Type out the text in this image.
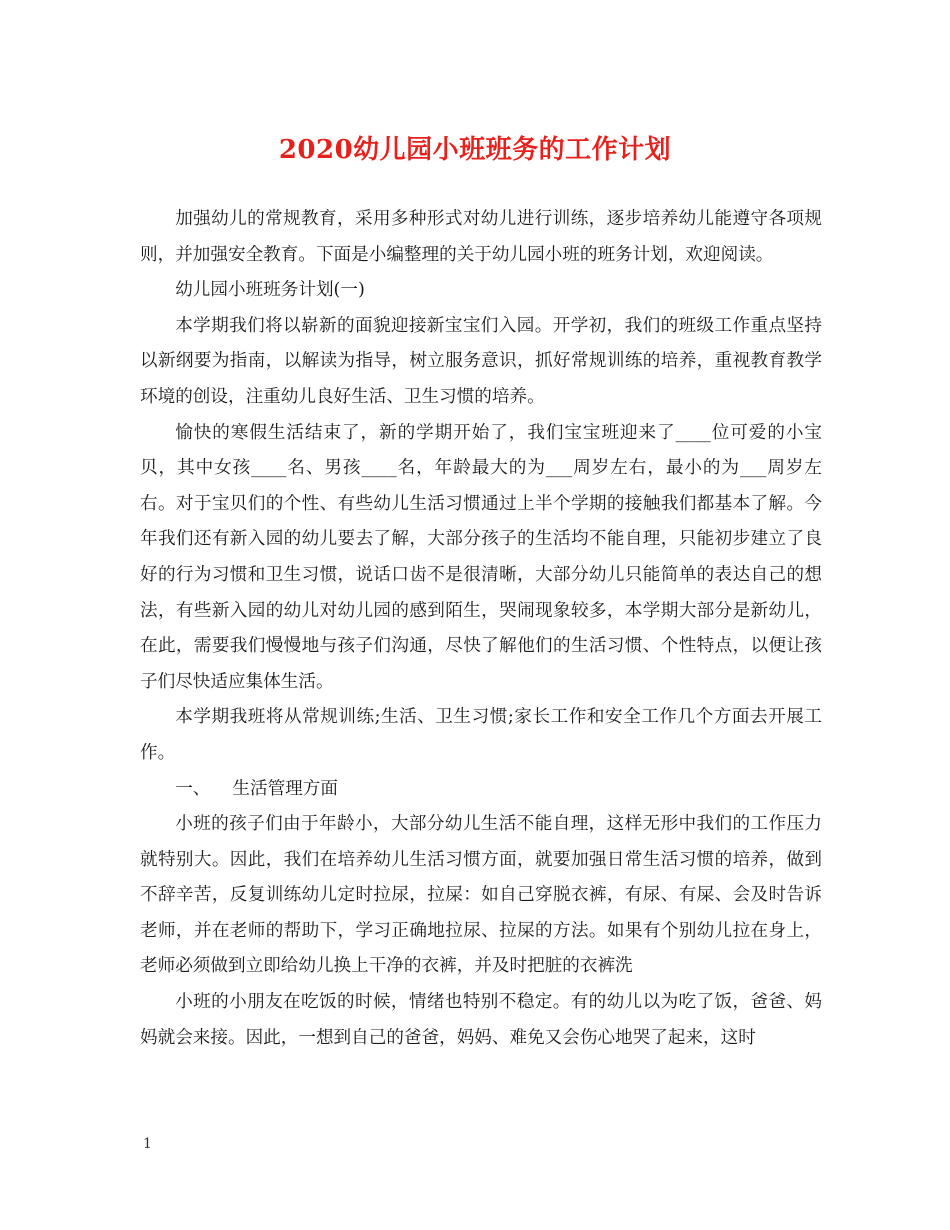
2020幼儿园小班班务的工作计划

加强幼儿的常规教育，采用多种形式对幼儿进行训练，逐步培养幼儿能遵守各项规则，并加强安全教育。下面是小编整理的关于幼儿园小班的班务计划，欢迎阅读。

幼儿园小班班务计划(一)

本学期我们将以崭新的面貌迎接新宝宝们入园。开学初，我们的班级工作重点坚持以新纲要为指南，以解读为指导，树立服务意识，抓好常规训练的培养，重视教育教学环境的创设，注重幼儿良好生活、卫生习惯的培养。

愉快的寒假生活结束了，新的学期开始了，我们宝宝班迎来了____位可爱的小宝贝，其中女孩____名、男孩____名，年龄最大的为___周岁左右，最小的为___周岁左右。对于宝贝们的个性、有些幼儿生活习惯通过上半个学期的接触我们都基本了解。今年我们还有新入园的幼儿要去了解，大部分孩子的生活均不能自理，只能初步建立了良好的行为习惯和卫生习惯，说话口齿不是很清晰，大部分幼儿只能简单的表达自己的想法，有些新入园的幼儿对幼儿园的感到陌生，哭闹现象较多，本学期大部分是新幼儿，在此，需要我们慢慢地与孩子们沟通，尽快了解他们的生活习惯、个性特点，以便让孩子们尽快适应集体生活。

本学期我班将从常规训练;生活、卫生习惯;家长工作和安全工作几个方面去开展工作。

一、 生活管理方面

小班的孩子们由于年龄小，大部分幼儿生活不能自理，这样无形中我们的工作压力就特别大。因此，我们在培养幼儿生活习惯方面，就要加强日常生活习惯的培养，做到不辞辛苦，反复训练幼儿定时拉尿，拉屎：如自己穿脱衣裤，有尿、有屎、会及时告诉老师，并在老师的帮助下，学习正确地拉尿、拉屎的方法。如果有个别幼儿拉在身上，老师必须做到立即给幼儿换上干净的衣裤，并及时把脏的衣裤洗

小班的小朋友在吃饭的时候，情绪也特别不稳定。有的幼儿以为吃了饭，爸爸、妈妈就会来接。因此，一想到自己的爸爸，妈妈、难免又会伤心地哭了起来，这时

1
